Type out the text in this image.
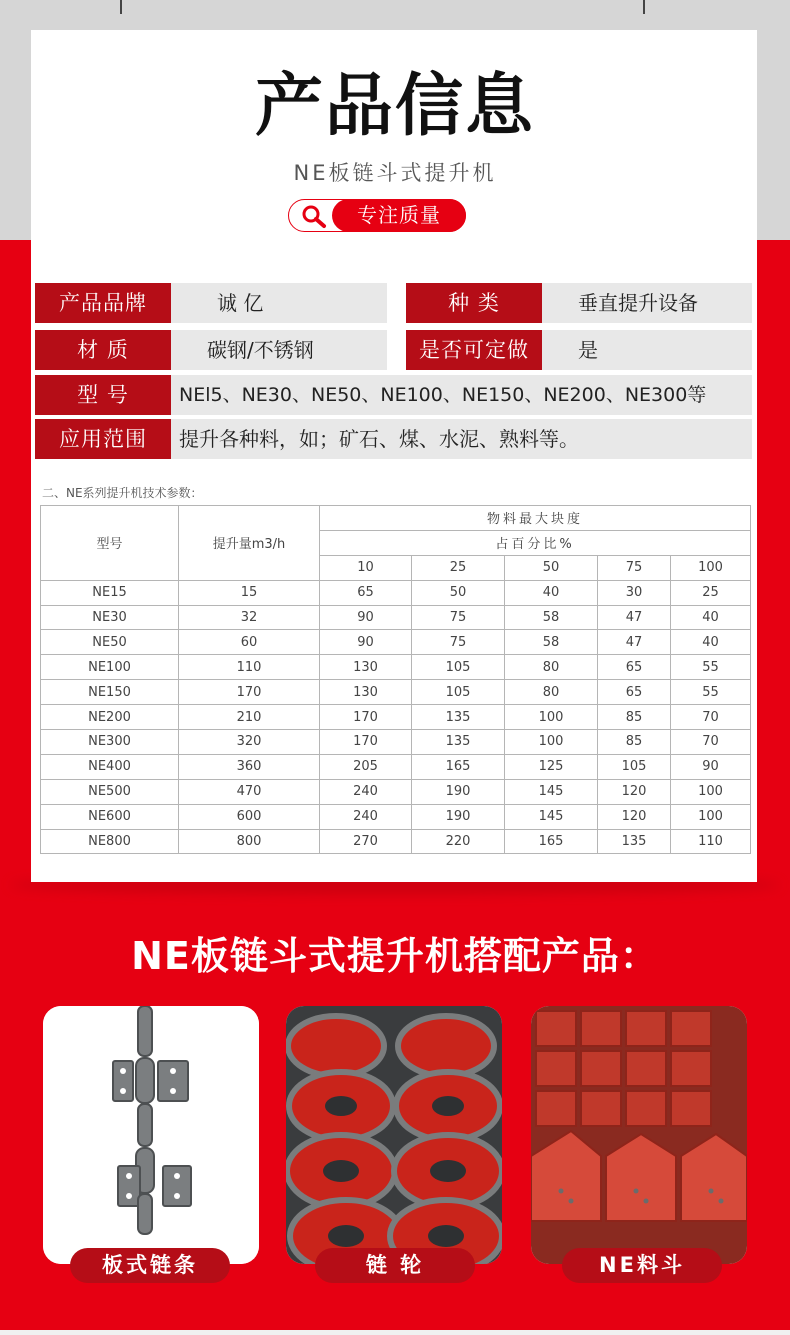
产品信息
NE板链斗式提升机
专注质量
产品品牌	诚 亿	种 类	垂直提升设备
材 质	碳钢/不锈钢	是否可定做	是
型 号	NEl5、NE30、NE50、NE100、NE150、NE200、NE300等
应用范围	提升各种料，如；矿石、煤、水泥、熟料等。
二、NE系列提升机技术参数：
型号	提升量m3/h	物料最大块度				
		占百分比%				
		10	25	50	75	100
NE15	15	65	50	40	30	25
NE30	32	90	75	58	47	40
NE50	60	90	75	58	47	40
NE100	110	130	105	80	65	55
NE150	170	130	105	80	65	55
NE200	210	170	135	100	85	70
NE300	320	170	135	100	85	70
NE400	360	205	165	125	105	90
NE500	470	240	190	145	120	100
NE600	600	240	190	145	120	100
NE800	800	270	220	165	135	110
NE板链斗式提升机搭配产品：
板式链条	链 轮	NE料斗
